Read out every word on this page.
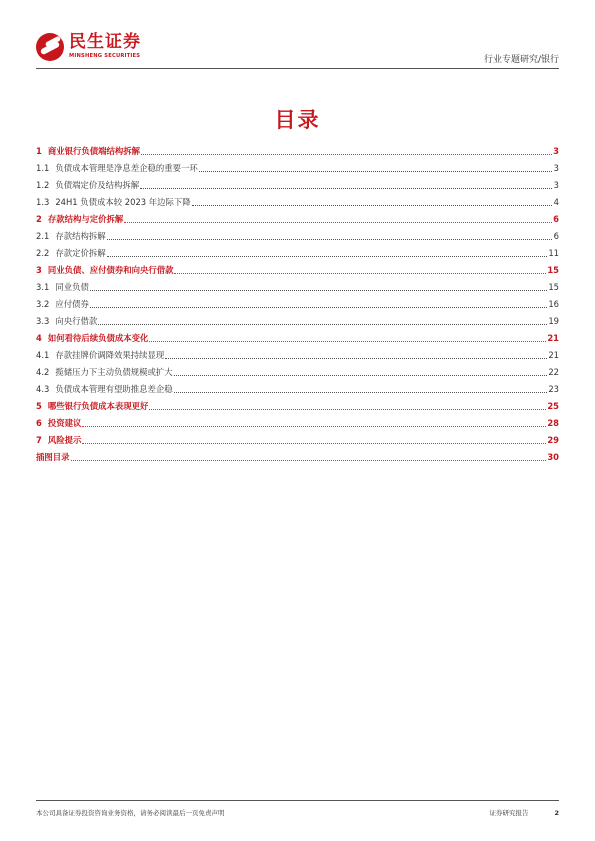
民生证券
MINSHENG SECURITIES	行业专题研究/银行
目录
1 商业银行负债端结构拆解	3
1.1 负债成本管理是净息差企稳的重要一环	3
1.2 负债端定价及结构拆解	3
1.3 24H1 负债成本较 2023 年边际下降	4
2 存款结构与定价拆解	6
2.1 存款结构拆解	6
2.2 存款定价拆解	11
3 同业负债、应付债券和向央行借款	15
3.1 同业负债	15
3.2 应付债券	16
3.3 向央行借款	19
4 如何看待后续负债成本变化	21
4.1 存款挂牌价调降效果持续显现	21
4.2 揽储压力下主动负债规模或扩大	22
4.3 负债成本管理有望助推息差企稳	23
5 哪些银行负债成本表现更好	25
6 投资建议	28
7 风险提示	29
插图目录	30
本公司具备证券投资咨询业务资格，请务必阅读最后一页免责声明	证券研究报告	2
